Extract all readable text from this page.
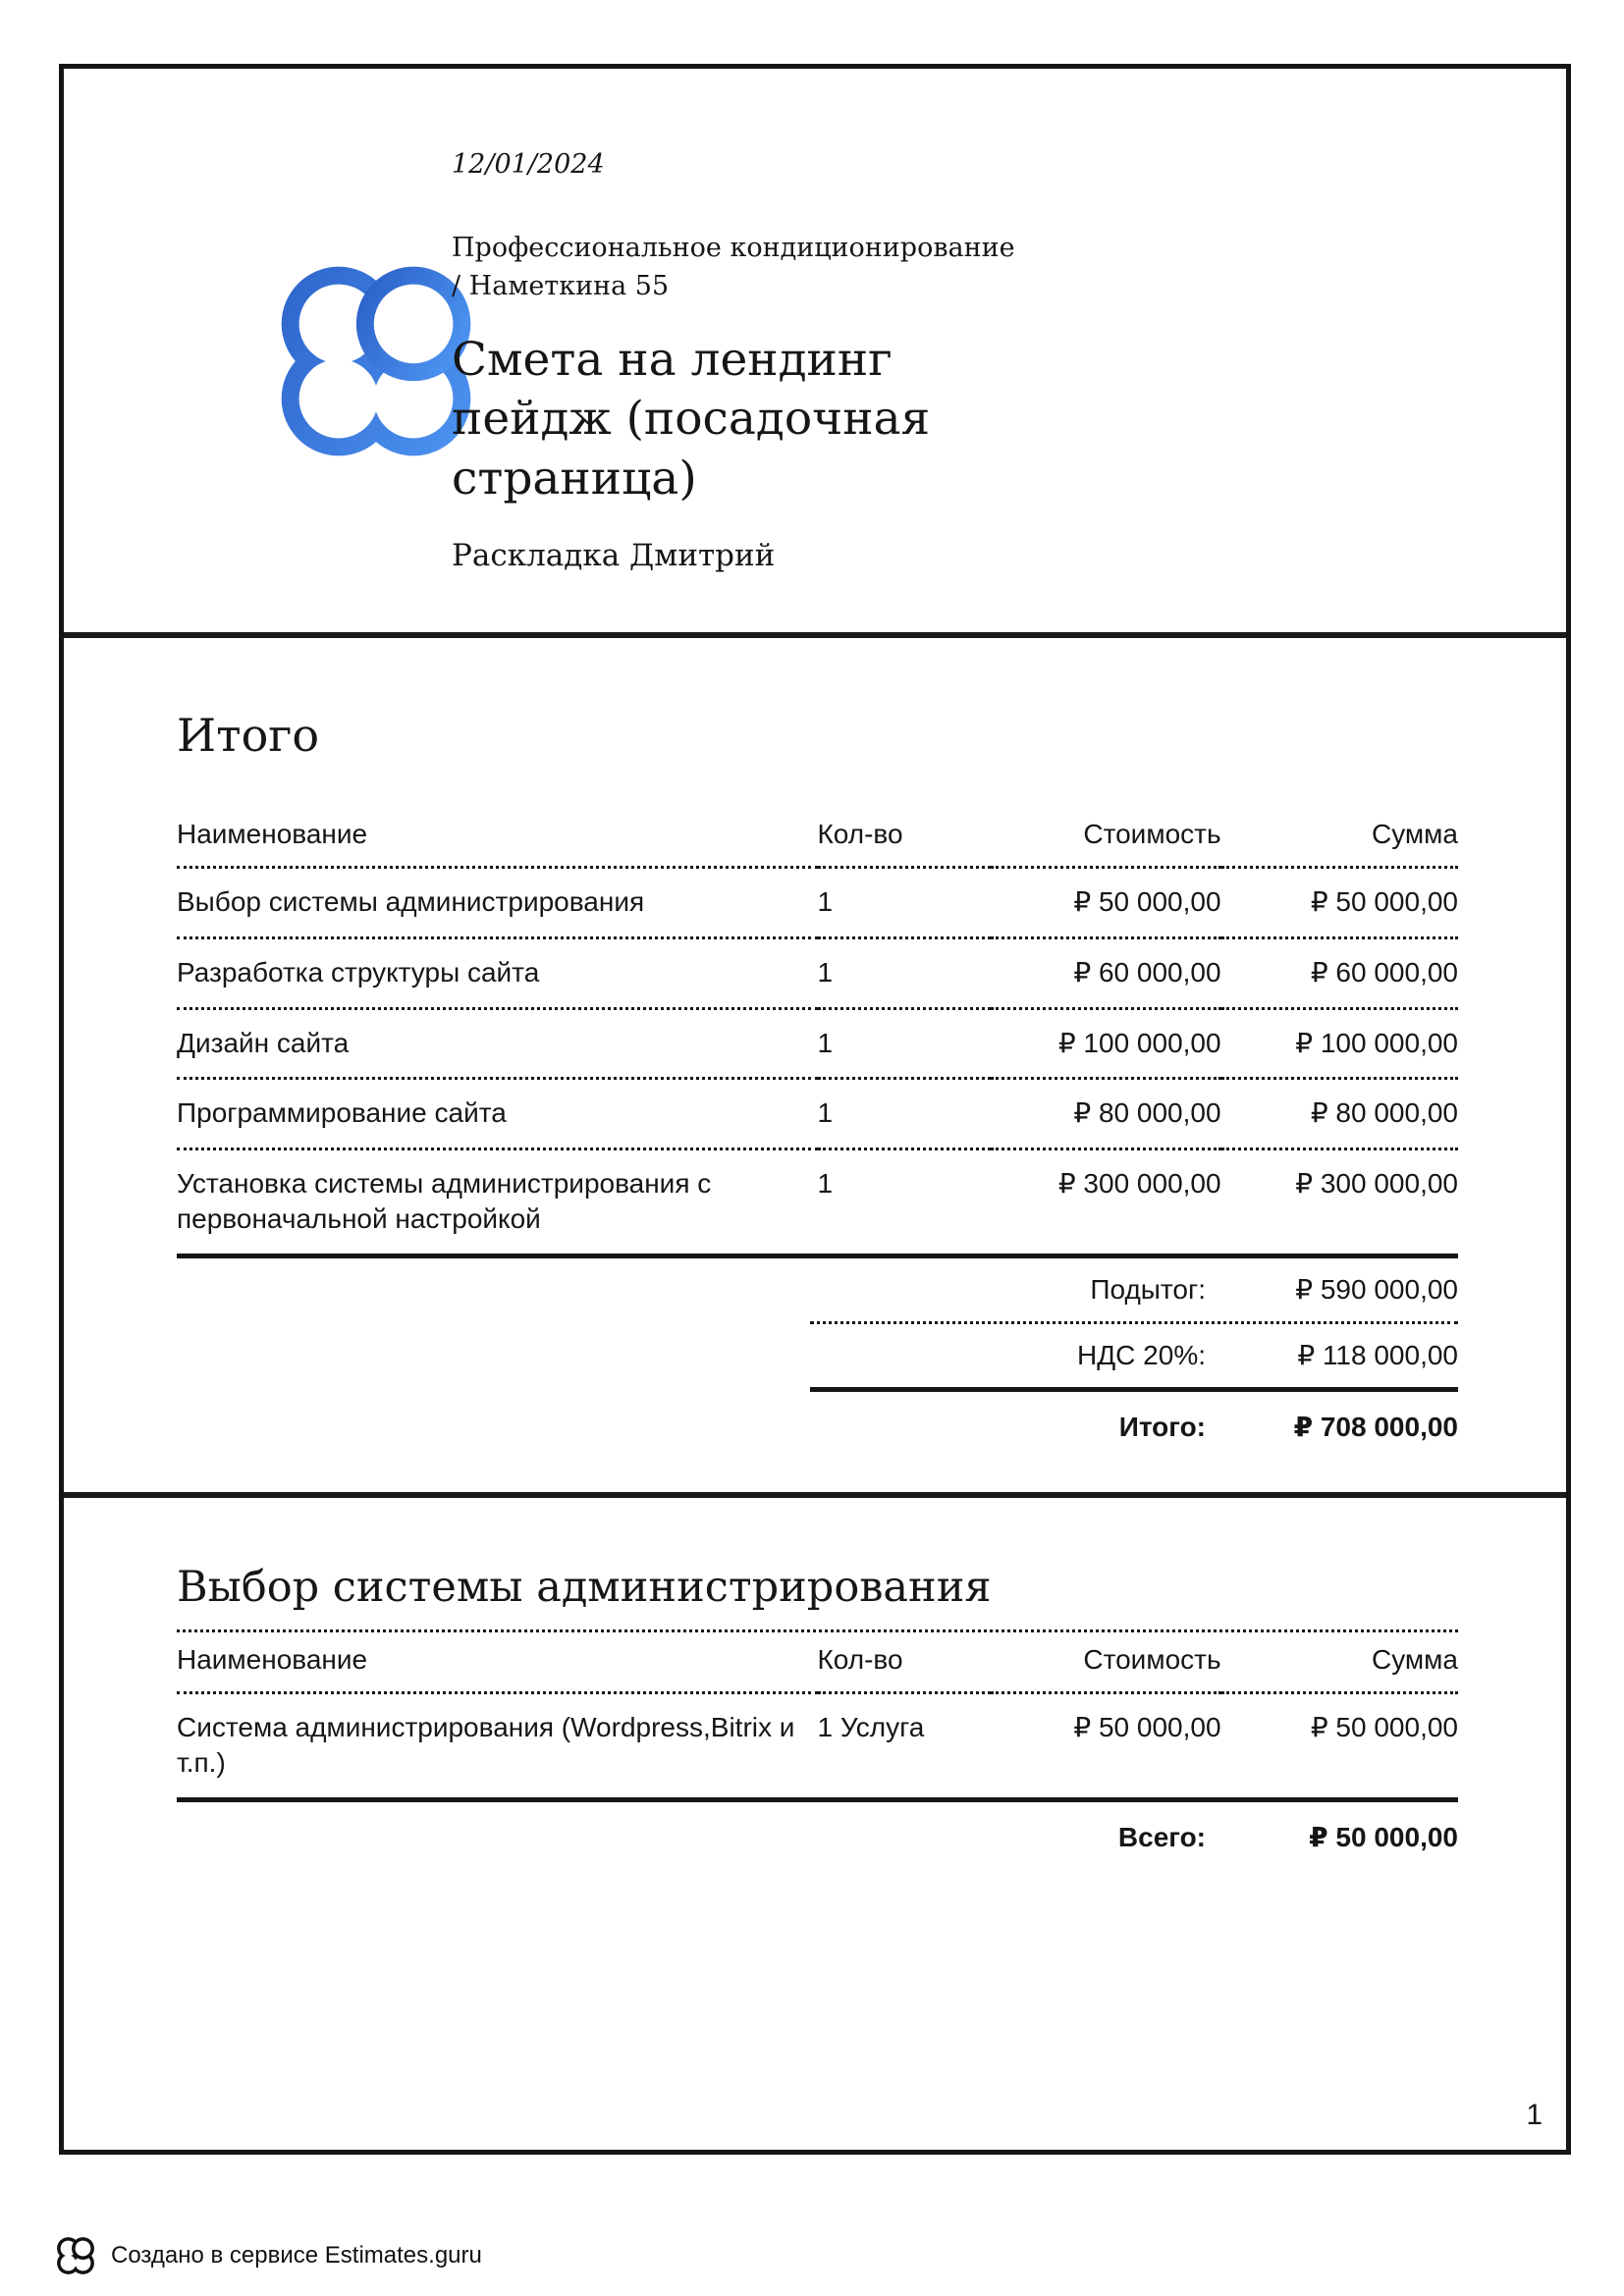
12/01/2024
Профессиональное кондиционирование / Наметкина 55
Смета на лендинг пейдж (посадочная страница)
Раскладка Дмитрий
Итого
Наименование	Кол-во	Стоимость	Сумма
Выбор системы администрирования	1	₽ 50 000,00	₽ 50 000,00
Разработка структуры сайта	1	₽ 60 000,00	₽ 60 000,00
Дизайн сайта	1	₽ 100 000,00	₽ 100 000,00
Программирование сайта	1	₽ 80 000,00	₽ 80 000,00
Установка системы администрирования с первоначальной настройкой	1	₽ 300 000,00	₽ 300 000,00
Подытог:	₽ 590 000,00
НДС 20%:	₽ 118 000,00
Итого:	₽ 708 000,00
Выбор системы администрирования
Наименование	Кол-во	Стоимость	Сумма
Система администрирования (Wordpress,Bitrix и т.п.)	1 Услуга	₽ 50 000,00	₽ 50 000,00
Всего:	₽ 50 000,00
1
Создано в сервисе Estimates.guru
